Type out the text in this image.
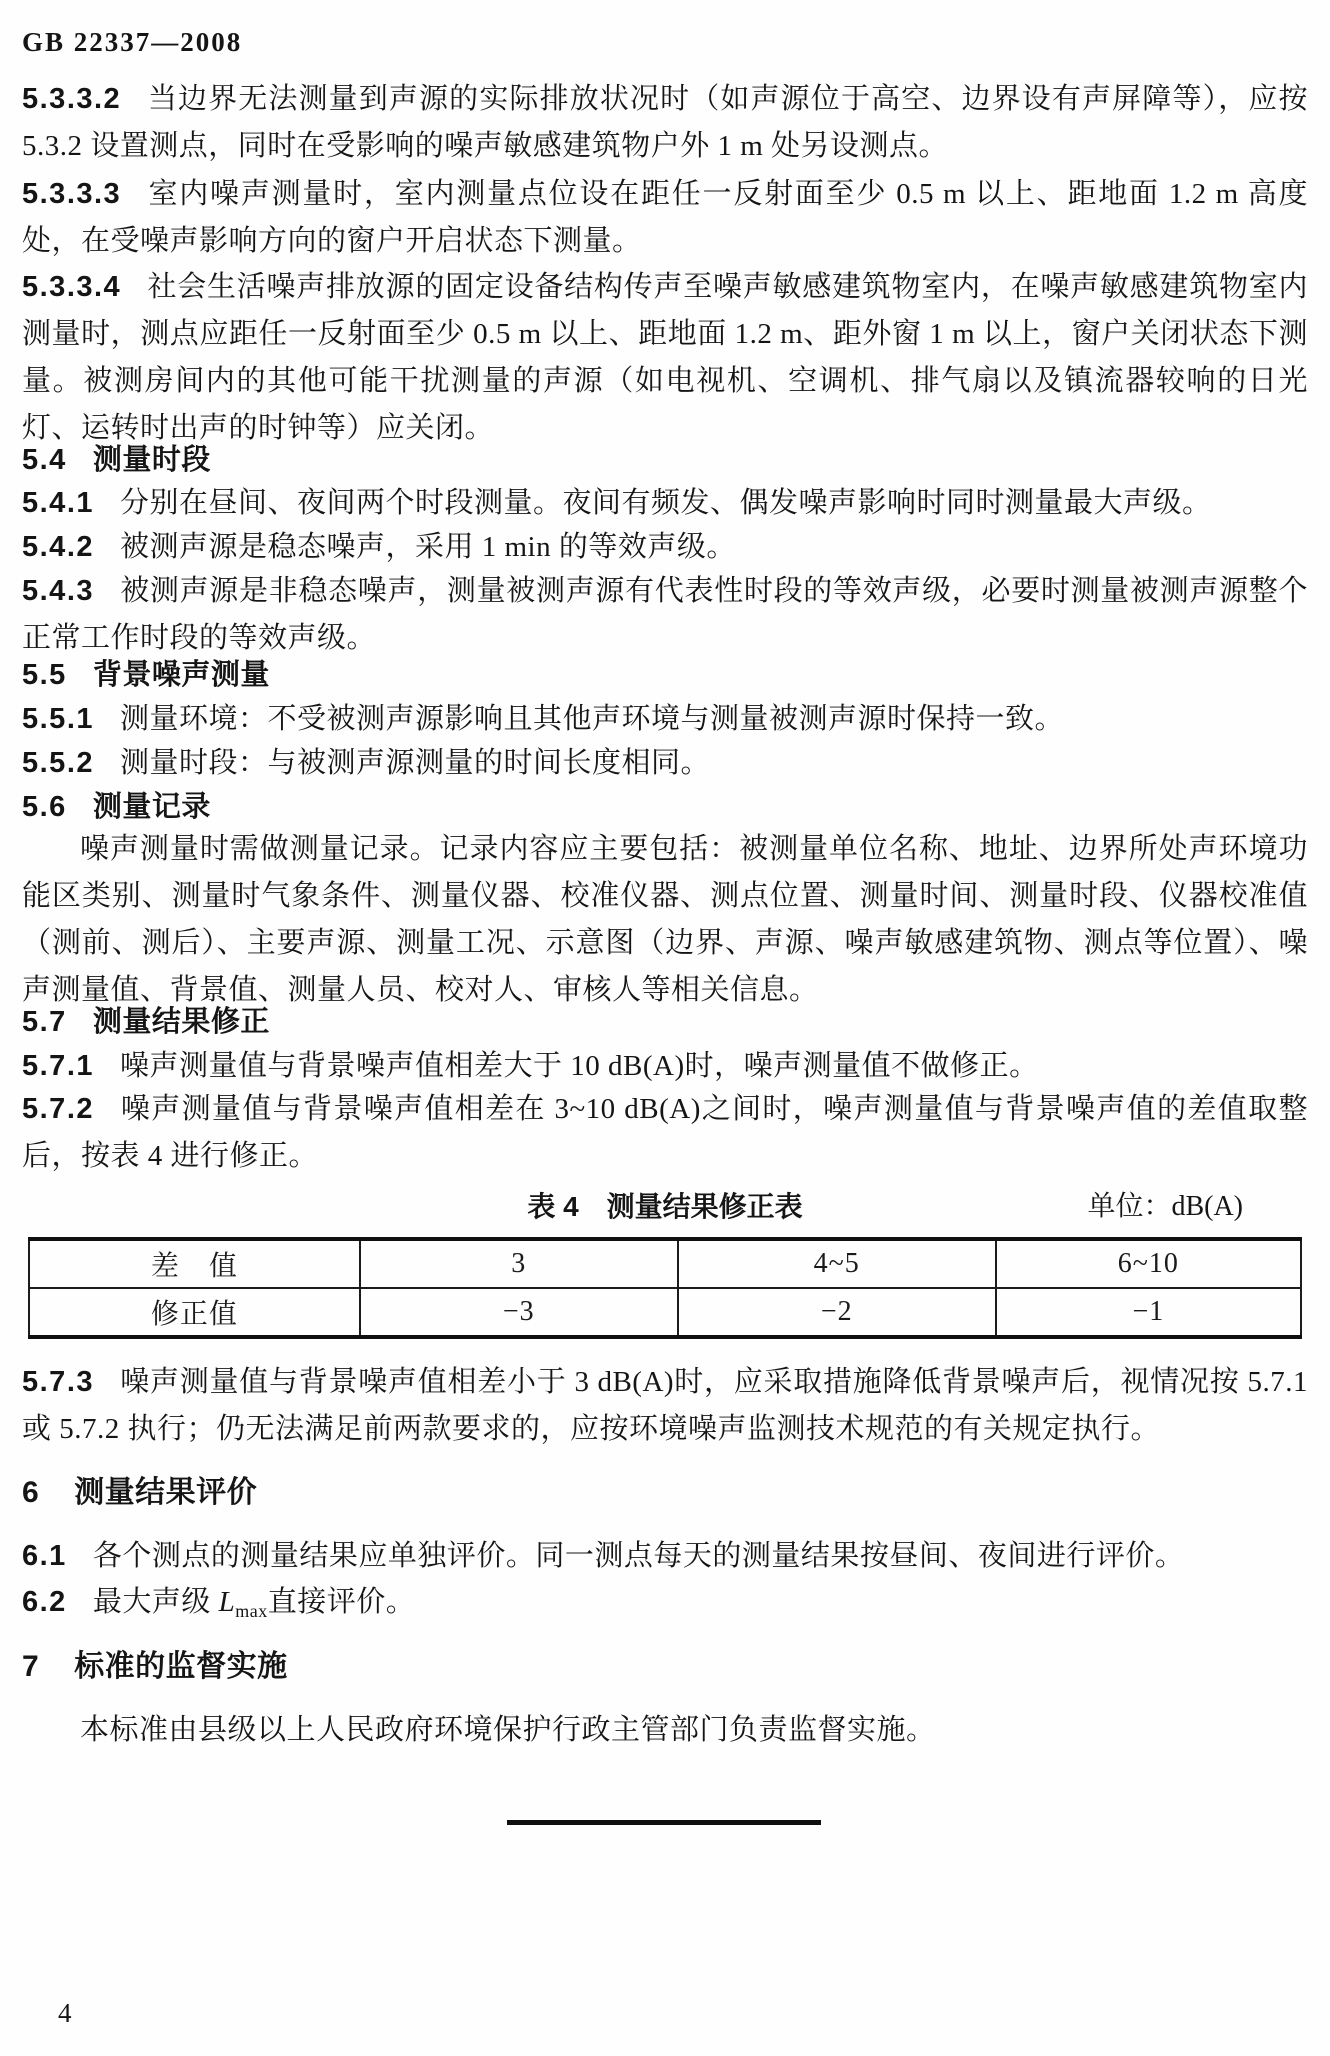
GB 22337—2008
5.3.3.2 当边界无法测量到声源的实际排放状况时（如声源位于高空、边界设有声屏障等），应按 5.3.2 设置测点，同时在受影响的噪声敏感建筑物户外 1 m 处另设测点。
5.3.3.3 室内噪声测量时，室内测量点位设在距任一反射面至少 0.5 m 以上、距地面 1.2 m 高度处，在受噪声影响方向的窗户开启状态下测量。
5.3.3.4 社会生活噪声排放源的固定设备结构传声至噪声敏感建筑物室内，在噪声敏感建筑物室内测量时，测点应距任一反射面至少 0.5 m 以上、距地面 1.2 m、距外窗 1 m 以上，窗户关闭状态下测量。被测房间内的其他可能干扰测量的声源（如电视机、空调机、排气扇以及镇流器较响的日光灯、运转时出声的时钟等）应关闭。
5.4 测量时段
5.4.1 分别在昼间、夜间两个时段测量。夜间有频发、偶发噪声影响时同时测量最大声级。
5.4.2 被测声源是稳态噪声，采用 1 min 的等效声级。
5.4.3 被测声源是非稳态噪声，测量被测声源有代表性时段的等效声级，必要时测量被测声源整个正常工作时段的等效声级。
5.5 背景噪声测量
5.5.1 测量环境：不受被测声源影响且其他声环境与测量被测声源时保持一致。
5.5.2 测量时段：与被测声源测量的时间长度相同。
5.6 测量记录
噪声测量时需做测量记录。记录内容应主要包括：被测量单位名称、地址、边界所处声环境功能区类别、测量时气象条件、测量仪器、校准仪器、测点位置、测量时间、测量时段、仪器校准值（测前、测后）、主要声源、测量工况、示意图（边界、声源、噪声敏感建筑物、测点等位置）、噪声测量值、背景值、测量人员、校对人、审核人等相关信息。
5.7 测量结果修正
5.7.1 噪声测量值与背景噪声值相差大于 10 dB(A)时，噪声测量值不做修正。
5.7.2 噪声测量值与背景噪声值相差在 3~10 dB(A)之间时，噪声测量值与背景噪声值的差值取整后，按表 4 进行修正。
表 4　测量结果修正表	单位：dB(A)
差　值	3	4~5	6~10
修正值	−3	−2	−1
5.7.3 噪声测量值与背景噪声值相差小于 3 dB(A)时，应采取措施降低背景噪声后，视情况按 5.7.1 或 5.7.2 执行；仍无法满足前两款要求的，应按环境噪声监测技术规范的有关规定执行。
6 测量结果评价
6.1 各个测点的测量结果应单独评价。同一测点每天的测量结果按昼间、夜间进行评价。
6.2 最大声级 $L_{max}$直接评价。
7 标准的监督实施
本标准由县级以上人民政府环境保护行政主管部门负责监督实施。
4
